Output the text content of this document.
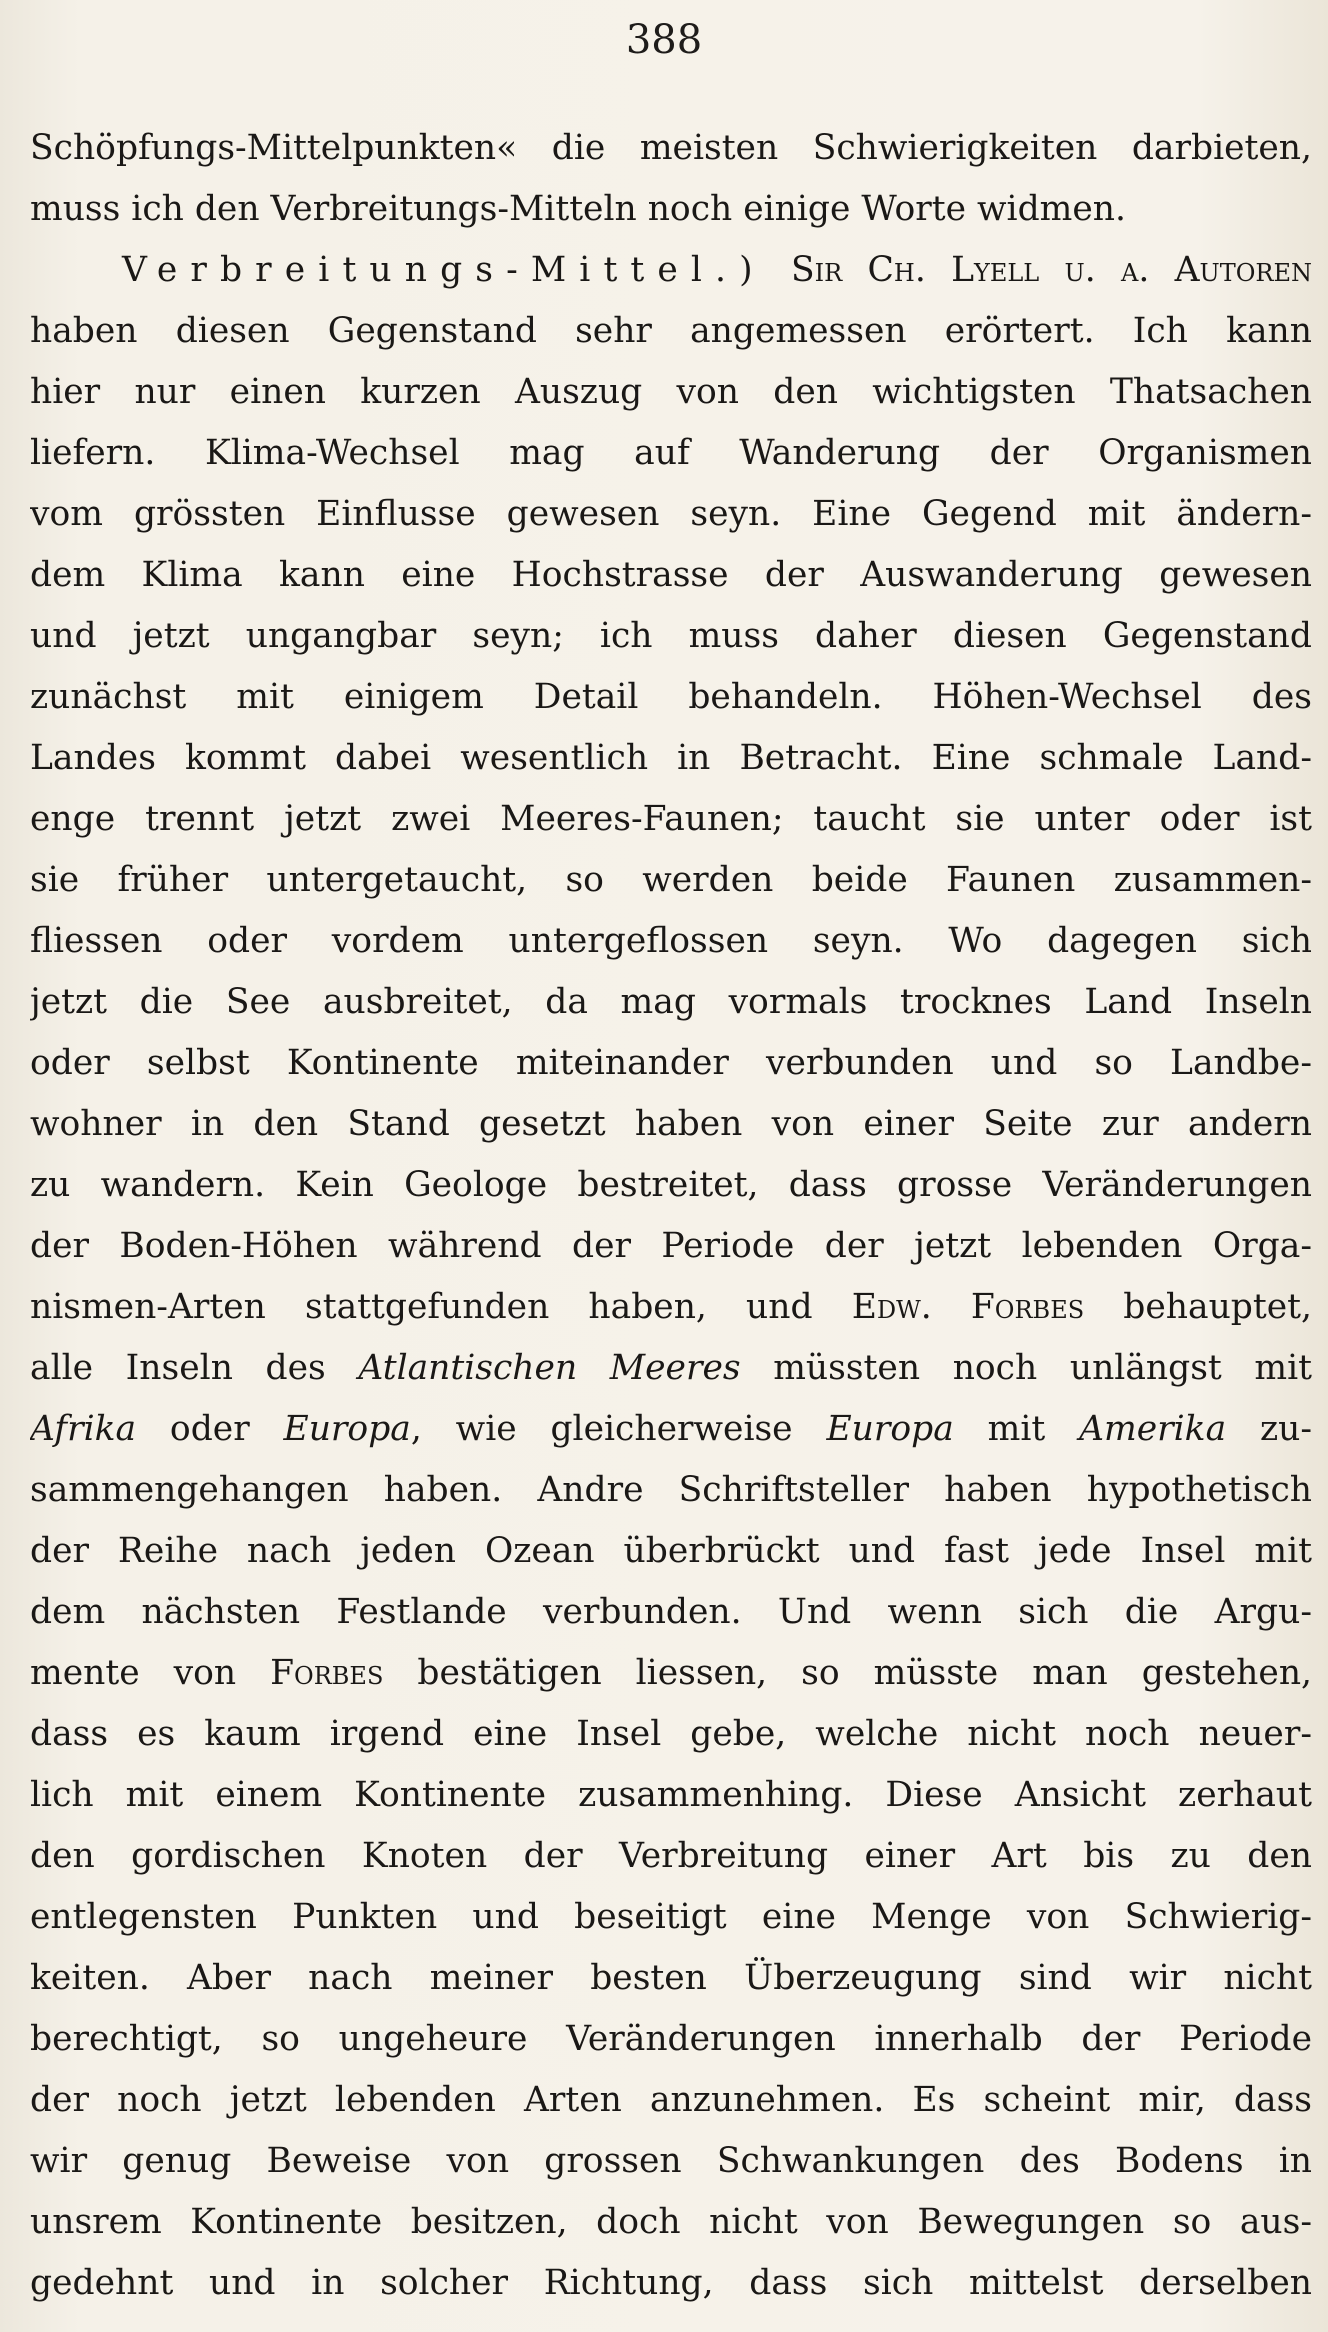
388
Schöpfungs-Mittelpunkten« die meisten Schwierigkeiten darbieten,
muss ich den Verbreitungs-Mitteln noch einige Worte widmen.
Verbreitungs-Mittel.) Sir Ch. Lyell u. a. Autoren
haben diesen Gegenstand sehr angemessen erörtert. Ich kann
hier nur einen kurzen Auszug von den wichtigsten Thatsachen
liefern. Klima-Wechsel mag auf Wanderung der Organismen
vom grössten Einflusse gewesen seyn. Eine Gegend mit ändern-
dem Klima kann eine Hochstrasse der Auswanderung gewesen
und jetzt ungangbar seyn; ich muss daher diesen Gegenstand
zunächst mit einigem Detail behandeln. Höhen-Wechsel des
Landes kommt dabei wesentlich in Betracht. Eine schmale Land-
enge trennt jetzt zwei Meeres-Faunen; taucht sie unter oder ist
sie früher untergetaucht, so werden beide Faunen zusammen-
fliessen oder vordem untergeflossen seyn. Wo dagegen sich
jetzt die See ausbreitet, da mag vormals trocknes Land Inseln
oder selbst Kontinente miteinander verbunden und so Landbe-
wohner in den Stand gesetzt haben von einer Seite zur andern
zu wandern. Kein Geologe bestreitet, dass grosse Veränderungen
der Boden-Höhen während der Periode der jetzt lebenden Orga-
nismen-Arten stattgefunden haben, und Edw. Forbes behauptet,
alle Inseln des Atlantischen Meeres müssten noch unlängst mit
Afrika oder Europa, wie gleicherweise Europa mit Amerika zu-
sammengehangen haben. Andre Schriftsteller haben hypothetisch
der Reihe nach jeden Ozean überbrückt und fast jede Insel mit
dem nächsten Festlande verbunden. Und wenn sich die Argu-
mente von Forbes bestätigen liessen, so müsste man gestehen,
dass es kaum irgend eine Insel gebe, welche nicht noch neuer-
lich mit einem Kontinente zusammenhing. Diese Ansicht zerhaut
den gordischen Knoten der Verbreitung einer Art bis zu den
entlegensten Punkten und beseitigt eine Menge von Schwierig-
keiten. Aber nach meiner besten Überzeugung sind wir nicht
berechtigt, so ungeheure Veränderungen innerhalb der Periode
der noch jetzt lebenden Arten anzunehmen. Es scheint mir, dass
wir genug Beweise von grossen Schwankungen des Bodens in
unsrem Kontinente besitzen, doch nicht von Bewegungen so aus-
gedehnt und in solcher Richtung, dass sich mittelst derselben
